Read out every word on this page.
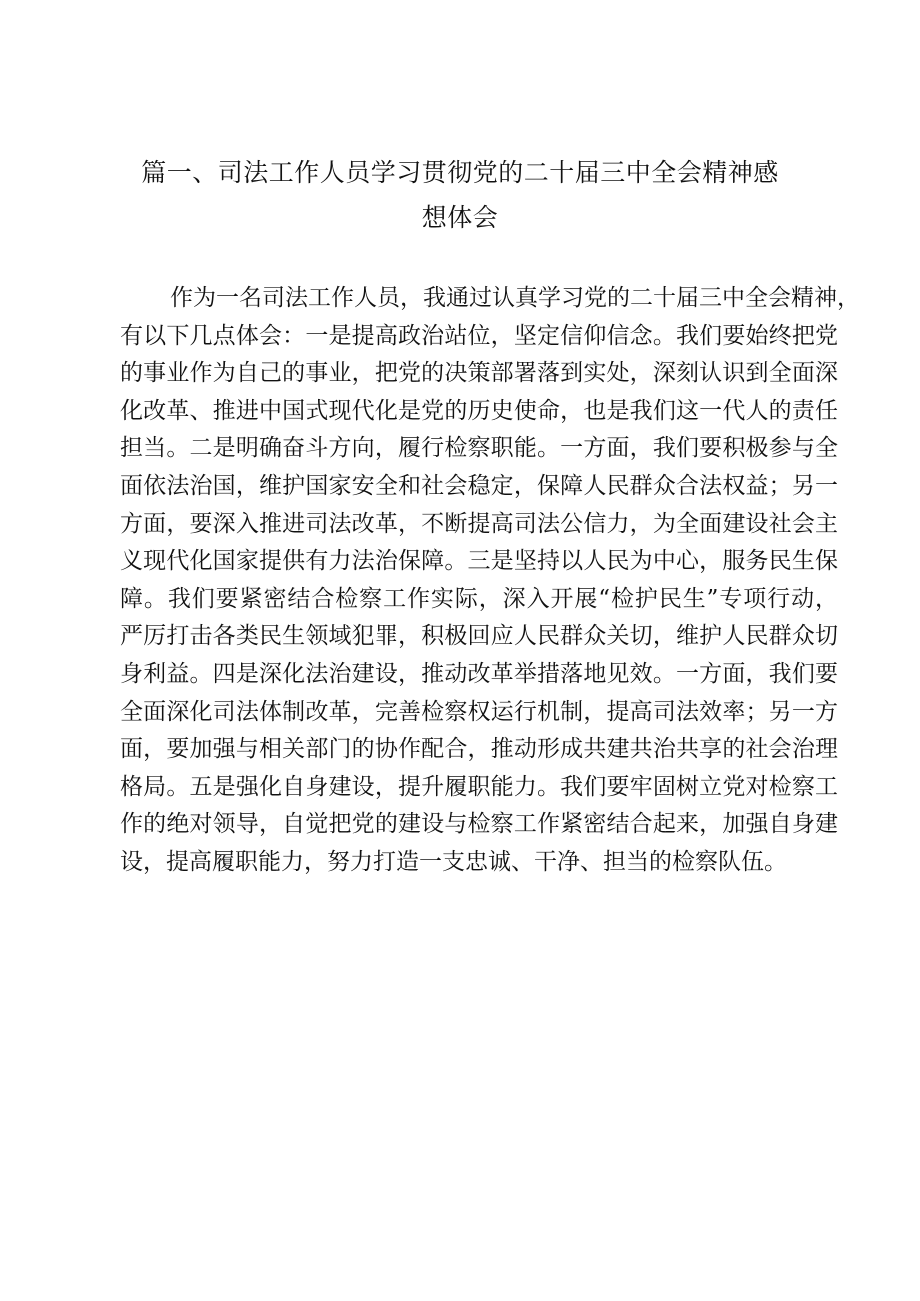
篇一、司法工作人员学习贯彻党的二十届三中全会精神感
想体会
作为一名司法工作人员，我通过认真学习党的二十届三中全会精神，
有以下几点体会：一是提高政治站位，坚定信仰信念。我们要始终把党
的事业作为自己的事业，把党的决策部署落到实处，深刻认识到全面深
化改革、推进中国式现代化是党的历史使命，也是我们这一代人的责任
担当。二是明确奋斗方向，履行检察职能。一方面，我们要积极参与全
面依法治国，维护国家安全和社会稳定，保障人民群众合法权益；另一
方面，要深入推进司法改革，不断提高司法公信力，为全面建设社会主
义现代化国家提供有力法治保障。三是坚持以人民为中心，服务民生保
障。我们要紧密结合检察工作实际，深入开展“检护民生”专项行动，
严厉打击各类民生领域犯罪，积极回应人民群众关切，维护人民群众切
身利益。四是深化法治建设，推动改革举措落地见效。一方面，我们要
全面深化司法体制改革，完善检察权运行机制，提高司法效率；另一方
面，要加强与相关部门的协作配合，推动形成共建共治共享的社会治理
格局。五是强化自身建设，提升履职能力。我们要牢固树立党对检察工
作的绝对领导，自觉把党的建设与检察工作紧密结合起来，加强自身建
设，提高履职能力，努力打造一支忠诚、干净、担当的检察队伍。
